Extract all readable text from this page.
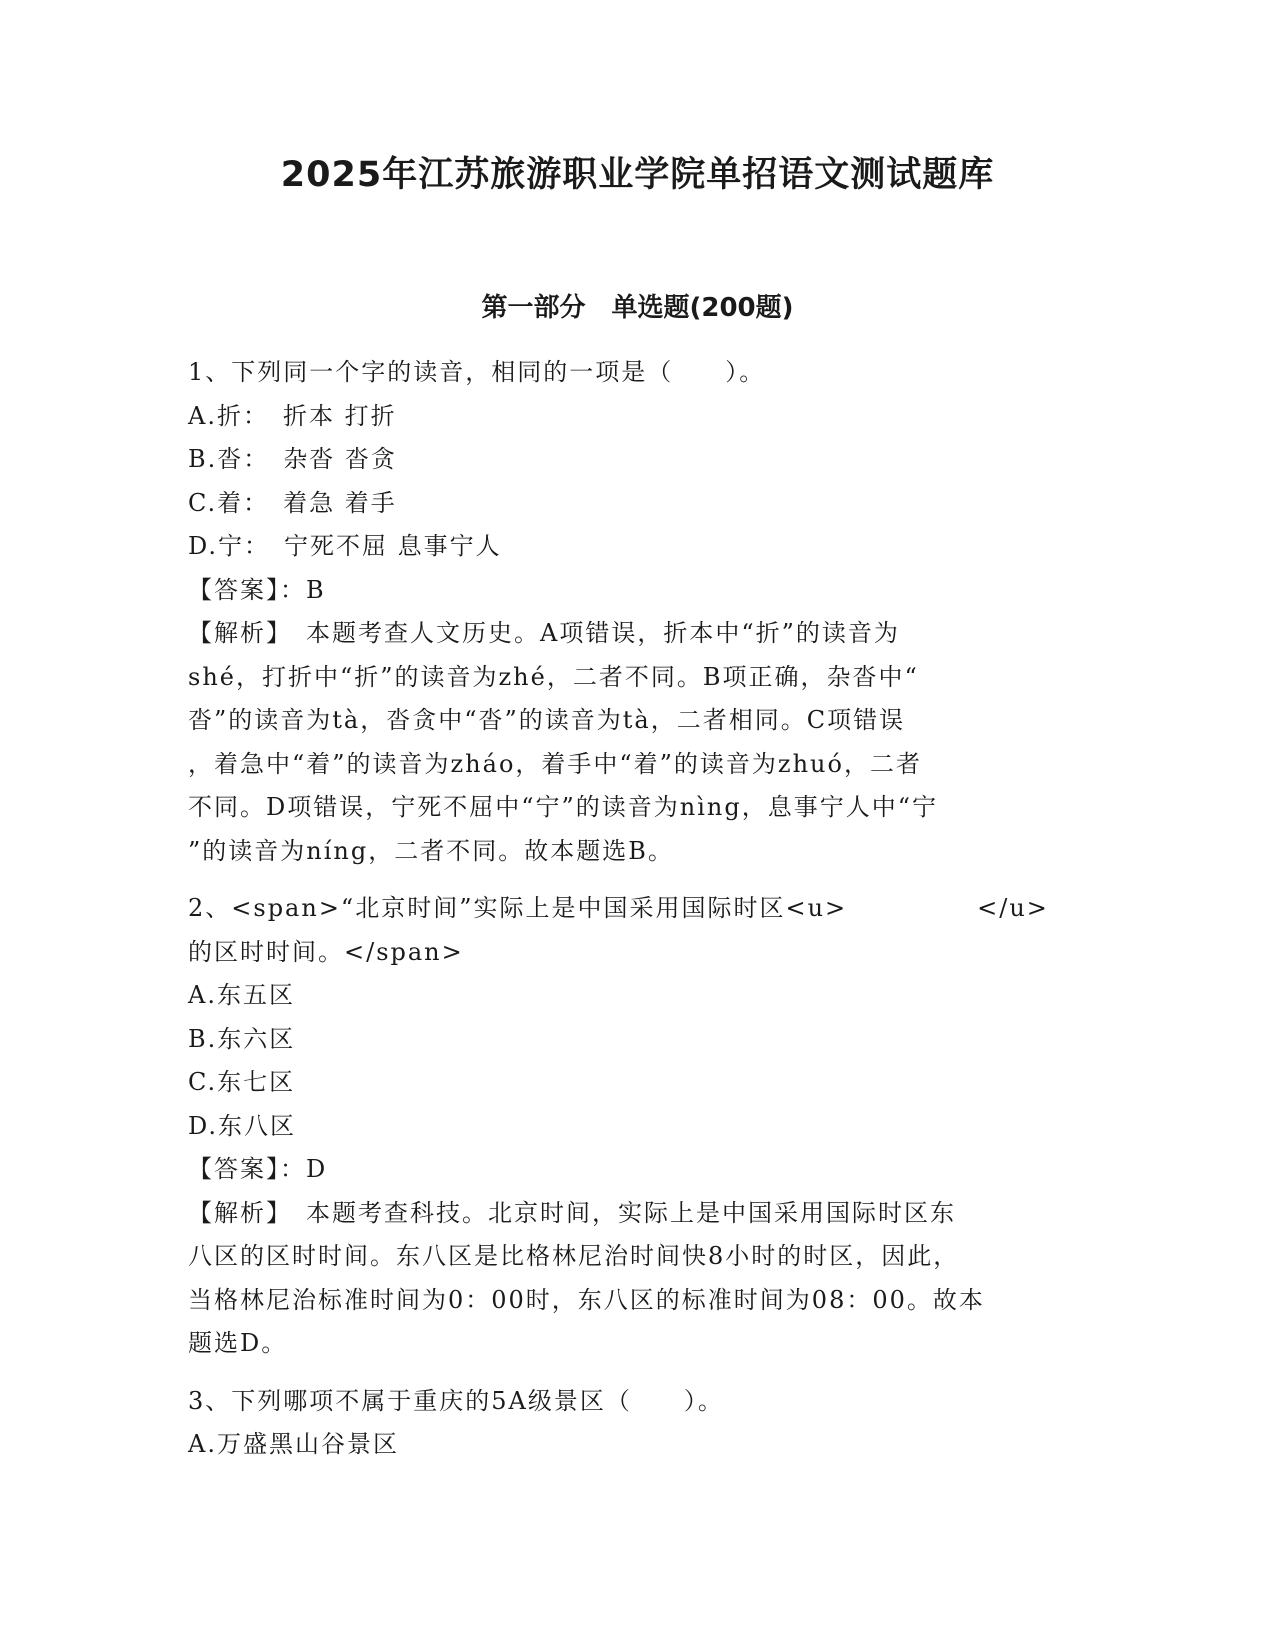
2025年江苏旅游职业学院单招语文测试题库
第一部分　单选题(200题)
1、下列同一个字的读音，相同的一项是（　　）。
A.折：　折本 打折
B.沓：　杂沓 沓贪
C.着：　着急 着手
D.宁：　宁死不屈 息事宁人
【答案】：B
【解析】　本题考查人文历史。A项错误，折本中“折”的读音为
shé，打折中“折”的读音为zhé，二者不同。B项正确，杂沓中“
沓”的读音为tà，沓贪中“沓”的读音为tà，二者相同。C项错误
，着急中“着”的读音为zháo，着手中“着”的读音为zhuó，二者
不同。D项错误，宁死不屈中“宁”的读音为nìng，息事宁人中“宁
”的读音为níng，二者不同。故本题选B。
2、<span>“北京时间”实际上是中国采用国际时区<u>　　　　　</u>
的区时时间。</span>
A.东五区
B.东六区
C.东七区
D.东八区
【答案】：D
【解析】　本题考查科技。北京时间，实际上是中国采用国际时区东
八区的区时时间。东八区是比格林尼治时间快8小时的时区，因此，
当格林尼治标准时间为0：00时，东八区的标准时间为08：00。故本
题选D。
3、下列哪项不属于重庆的5A级景区（　　）。
A.万盛黑山谷景区
